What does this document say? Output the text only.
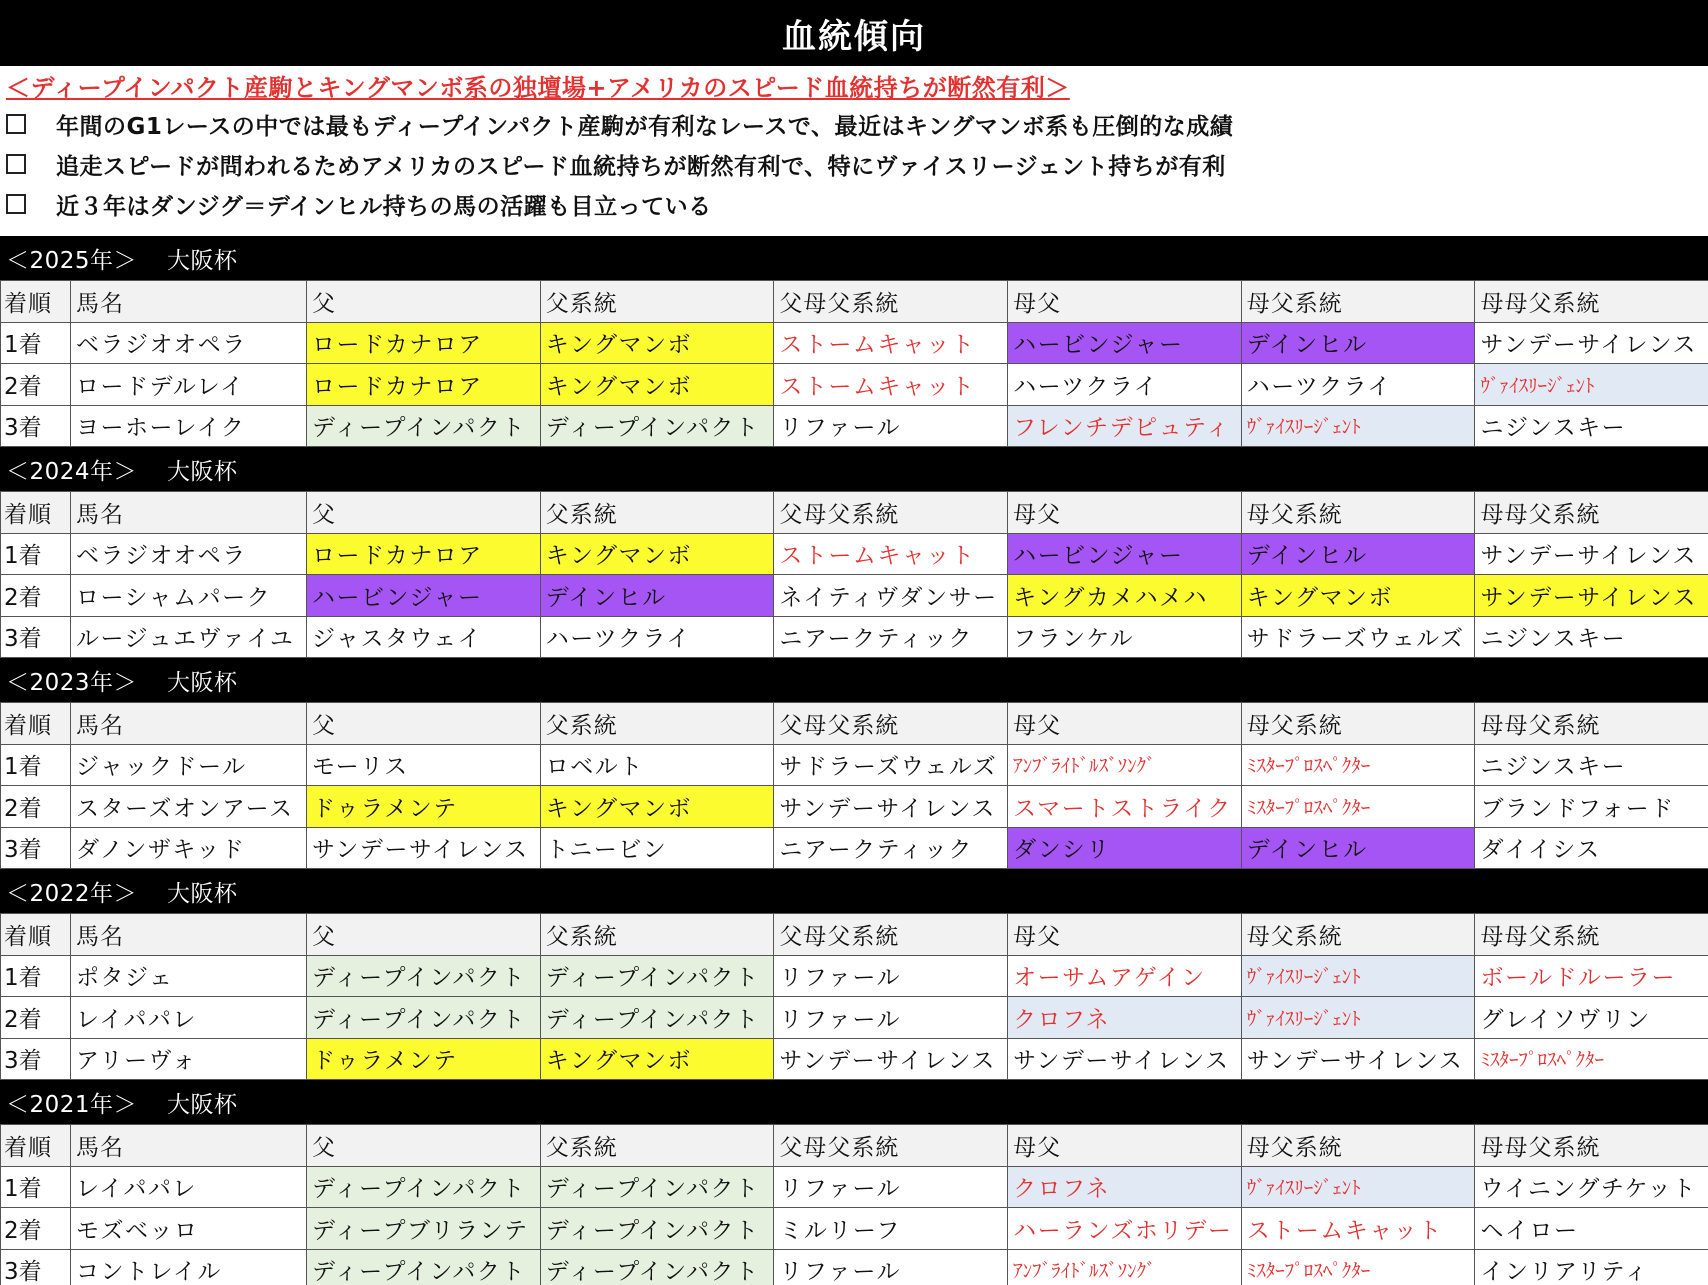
血統傾向
＜ディープインパクト産駒とキングマンボ系の独壇場+アメリカのスピード血統持ちが断然有利＞
年間のG1レースの中では最もディープインパクト産駒が有利なレースで、最近はキングマンボ系も圧倒的な成績
追走スピードが問われるためアメリカのスピード血統持ちが断然有利で、特にヴァイスリージェント持ちが有利
近３年はダンジグ＝デインヒル持ちの馬の活躍も目立っている
＜2025年＞ 大阪杯
着順	馬名	父	父系統	父母父系統	母父	母父系統	母母父系統
1着	ベラジオオペラ	ロードカナロア	キングマンボ	ストームキャット	ハービンジャー	デインヒル	サンデーサイレンス
2着	ロードデルレイ	ロードカナロア	キングマンボ	ストームキャット	ハーツクライ	ハーツクライ	ｳﾞｧｲｽﾘｰｼﾞｪﾝﾄ
3着	ヨーホーレイク	ディープインパクト	ディープインパクト	リファール	フレンチデピュティ	ｳﾞｧｲｽﾘｰｼﾞｪﾝﾄ	ニジンスキー
＜2024年＞ 大阪杯
着順	馬名	父	父系統	父母父系統	母父	母父系統	母母父系統
1着	ベラジオオペラ	ロードカナロア	キングマンボ	ストームキャット	ハービンジャー	デインヒル	サンデーサイレンス
2着	ローシャムパーク	ハービンジャー	デインヒル	ネイティヴダンサー	キングカメハメハ	キングマンボ	サンデーサイレンス
3着	ルージュエヴァイユ	ジャスタウェイ	ハーツクライ	ニアークティック	フランケル	サドラーズウェルズ	ニジンスキー
＜2023年＞ 大阪杯
着順	馬名	父	父系統	父母父系統	母父	母父系統	母母父系統
1着	ジャックドール	モーリス	ロベルト	サドラーズウェルズ	ｱﾝﾌﾞﾗｲﾄﾞﾙｽﾞｿﾝｸﾞ	ﾐｽﾀｰﾌﾟﾛｽﾍﾟｸﾀｰ	ニジンスキー
2着	スターズオンアース	ドゥラメンテ	キングマンボ	サンデーサイレンス	スマートストライク	ﾐｽﾀｰﾌﾟﾛｽﾍﾟｸﾀｰ	ブランドフォード
3着	ダノンザキッド	サンデーサイレンス	トニービン	ニアークティック	ダンシリ	デインヒル	ダイイシス
＜2022年＞ 大阪杯
着順	馬名	父	父系統	父母父系統	母父	母父系統	母母父系統
1着	ポタジェ	ディープインパクト	ディープインパクト	リファール	オーサムアゲイン	ｳﾞｧｲｽﾘｰｼﾞｪﾝﾄ	ボールドルーラー
2着	レイパパレ	ディープインパクト	ディープインパクト	リファール	クロフネ	ｳﾞｧｲｽﾘｰｼﾞｪﾝﾄ	グレイソヴリン
3着	アリーヴォ	ドゥラメンテ	キングマンボ	サンデーサイレンス	サンデーサイレンス	サンデーサイレンス	ﾐｽﾀｰﾌﾟﾛｽﾍﾟｸﾀｰ
＜2021年＞ 大阪杯
着順	馬名	父	父系統	父母父系統	母父	母父系統	母母父系統
1着	レイパパレ	ディープインパクト	ディープインパクト	リファール	クロフネ	ｳﾞｧｲｽﾘｰｼﾞｪﾝﾄ	ウイニングチケット
2着	モズベッロ	ディープブリランテ	ディープインパクト	ミルリーフ	ハーランズホリデー	ストームキャット	ヘイロー
3着	コントレイル	ディープインパクト	ディープインパクト	リファール	ｱﾝﾌﾞﾗｲﾄﾞﾙｽﾞｿﾝｸﾞ	ﾐｽﾀｰﾌﾟﾛｽﾍﾟｸﾀｰ	インリアリティ
